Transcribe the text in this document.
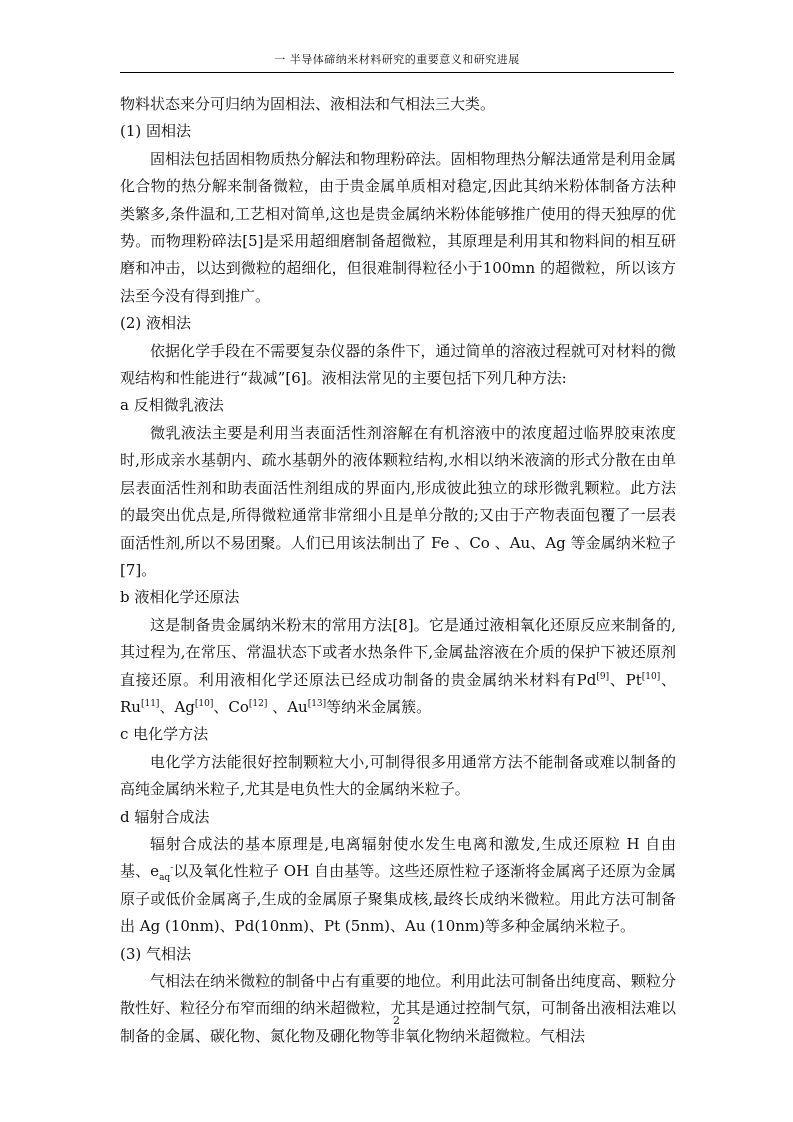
一 半导体碲纳米材料研究的重要意义和研究进展

物料状态来分可归纳为固相法、液相法和气相法三大类。

(1) 固相法

固相法包括固相物质热分解法和物理粉碎法。固相物理热分解法通常是利用金属化合物的热分解来制备微粒，由于贵金属单质相对稳定,因此其纳米粉体制备方法种类繁多,条件温和,工艺相对简单,这也是贵金属纳米粉体能够推广使用的得天独厚的优势。而物理粉碎法[5]是采用超细磨制备超微粒，其原理是利用其和物料间的相互研磨和冲击，以达到微粒的超细化，但很难制得粒径小于100mn 的超微粒，所以该方法至今没有得到推广。

(2) 液相法

依据化学手段在不需要复杂仪器的条件下，通过简单的溶液过程就可对材料的微观结构和性能进行“裁减”[6]。液相法常见的主要包括下列几种方法:

a 反相微乳液法

微乳液法主要是利用当表面活性剂溶解在有机溶液中的浓度超过临界胶束浓度时,形成亲水基朝内、疏水基朝外的液体颗粒结构,水相以纳米液滴的形式分散在由单层表面活性剂和助表面活性剂组成的界面内,形成彼此独立的球形微乳颗粒。此方法的最突出优点是,所得微粒通常非常细小且是单分散的;又由于产物表面包覆了一层表面活性剂,所以不易团聚。人们已用该法制出了 Fe 、Co 、Au、Ag 等金属纳米粒子[7]。

b 液相化学还原法

这是制备贵金属纳米粉末的常用方法[8]。它是通过液相氧化还原反应来制备的,其过程为,在常压、常温状态下或者水热条件下,金属盐溶液在介质的保护下被还原剂直接还原。利用液相化学还原法已经成功制备的贵金属纳米材料有Pd[9]、Pt[10]、Ru[11]、Ag[10]、Co[12] 、Au[13]等纳米金属簇。

c 电化学方法

电化学方法能很好控制颗粒大小,可制得很多用通常方法不能制备或难以制备的高纯金属纳米粒子,尤其是电负性大的金属纳米粒子。

d 辐射合成法

辐射合成法的基本原理是,电离辐射使水发生电离和激发,生成还原粒 H 自由基、$e_{aq}^-$以及氧化性粒子 OH 自由基等。这些还原性粒子逐渐将金属离子还原为金属原子或低价金属离子,生成的金属原子聚集成核,最终长成纳米微粒。用此方法可制备出 Ag (10nm)、Pd(10nm)、Pt (5nm)、Au (10nm)等多种金属纳米粒子。

(3) 气相法

气相法在纳米微粒的制备中占有重要的地位。利用此法可制备出纯度高、颗粒分散性好、粒径分布窄而细的纳米超微粒，尤其是通过控制气氛，可制备出液相法难以制备的金属、碳化物、氮化物及硼化物等非氧化物纳米超微粒。气相法

2
